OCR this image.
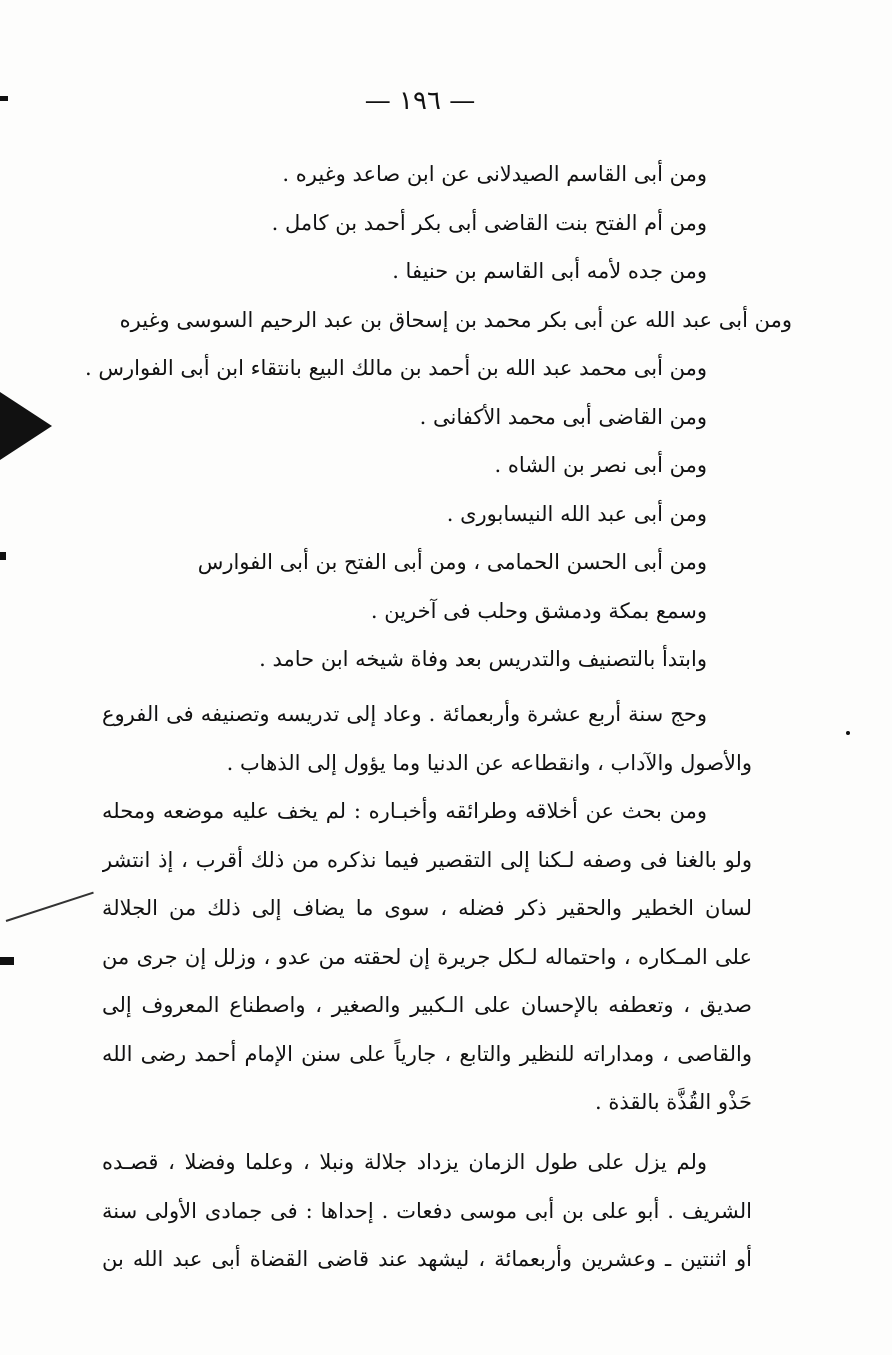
— ١٩٦ —
ومن أبى القاسم الصيدلانى عن ابن صاعد وغيره .
ومن أم الفتح بنت القاضى أبى بكر أحمد بن كامل .
ومن جده لأمه أبى القاسم بن حنيفا .
ومن أبى عبد الله عن أبى بكر محمد بن إسحاق بن عبد الرحيم السوسى وغيره
ومن أبى محمد عبد الله بن أحمد بن مالك البيع بانتقاء ابن أبى الفوارس .
ومن القاضى أبى محمد الأكفانى .
ومن أبى نصر بن الشاه .
ومن أبى عبد الله النيسابورى .
ومن أبى الحسن الحمامى ، ومن أبى الفتح بن أبى الفوارس
وسمع بمكة ودمشق وحلب فى آخرين .
وابتدأ بالتصنيف والتدريس بعد وفاة شيخه ابن حامد .
وحج سنة أربع عشرة وأربعمائة . وعاد إلى تدريسه وتصنيفه فى الفروع
والأصول والآداب ، وانقطاعه عن الدنيا وما يؤول إلى الذهاب .
ومن بحث عن أخلاقه وطرائقه وأخبـاره : لم يخف عليه موضعه ومحله
ولو بالغنا فى وصفه لـكنا إلى التقصير فيما نذكره من ذلك أقرب ، إذ انتشر
لسان الخطير والحقير ذكر فضله ، سوى ما يضاف إلى ذلك من الجلالة
على المـكاره ، واحتماله لـكل جريرة إن لحقته من عدو ، وزلل إن جرى من
صديق ، وتعطفه بالإحسان على الـكبير والصغير ، واصطناع المعروف إلى
والقاصى ، ومداراته للنظير والتابع ، جارياً على سنن الإمام أحمد رضى الله
حَذْو القُذَّة بالقذة .
ولم يزل على طول الزمان يزداد جلالة ونبلا ، وعلما وفضلا ، قصـده
الشريف . أبو على بن أبى موسى دفعات . إحداها : فى جمادى الأولى سنة
أو اثنتين ـ وعشرين وأربعمائة ، ليشهد عند قاضى القضاة أبى عبد الله بن
